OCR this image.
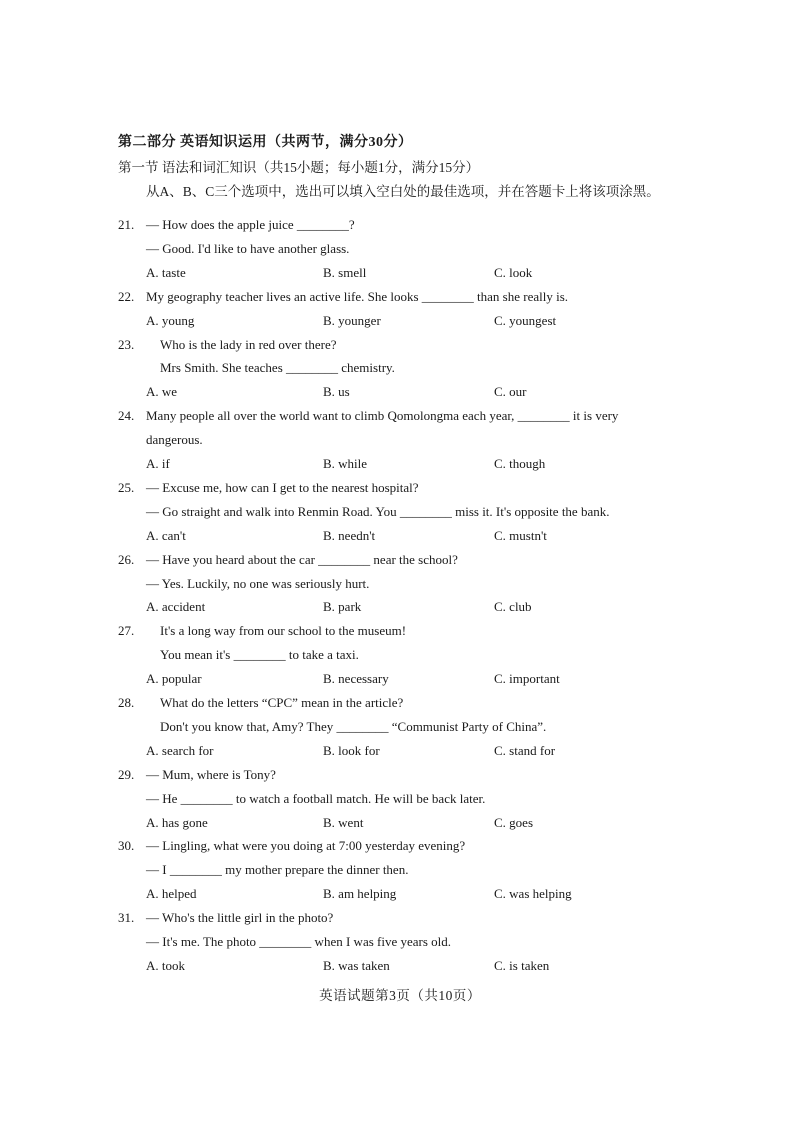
第二部分 英语知识运用（共两节，满分30分）
第一节 语法和词汇知识（共15小题；每小题1分，满分15分）
从A、B、C三个选项中，选出可以填入空白处的最佳选项，并在答题卡上将该项涂黑。
21. — How does the apple juice ________?
— Good. I'd like to have another glass.
A. taste	B. smell	C. look
22. My geography teacher lives an active life. She looks ________ than she really is.
A. young	B. younger	C. youngest
23. Who is the lady in red over there?
Mrs Smith. She teaches ________ chemistry.
A. we	B. us	C. our
24. Many people all over the world want to climb Qomolongma each year, ________ it is very
dangerous.
A. if	B. while	C. though
25. — Excuse me, how can I get to the nearest hospital?
— Go straight and walk into Renmin Road. You ________ miss it. It's opposite the bank.
A. can't	B. needn't	C. mustn't
26. — Have you heard about the car ________ near the school?
— Yes. Luckily, no one was seriously hurt.
A. accident	B. park	C. club
27. It's a long way from our school to the museum!
You mean it's ________ to take a taxi.
A. popular	B. necessary	C. important
28. What do the letters “CPC” mean in the article?
Don't you know that, Amy? They ________ “Communist Party of China”.
A. search for	B. look for	C. stand for
29. — Mum, where is Tony?
— He ________ to watch a football match. He will be back later.
A. has gone	B. went	C. goes
30. — Lingling, what were you doing at 7:00 yesterday evening?
— I ________ my mother prepare the dinner then.
A. helped	B. am helping	C. was helping
31. — Who's the little girl in the photo?
— It's me. The photo ________ when I was five years old.
A. took	B. was taken	C. is taken
英语试题第3页（共10页）
